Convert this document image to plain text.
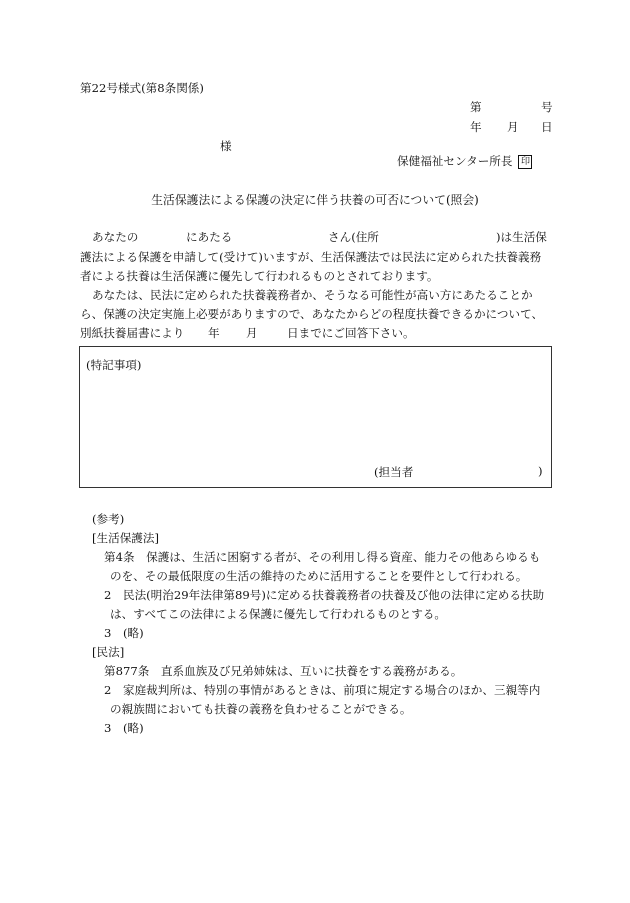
第22号様式(第8条関係)
第	号
年 月 日
様
保健福祉センター所長 印
生活保護法による保護の決定に伴う扶養の可否について(照会)
あなたの	にあたる	さん(住所	)は生活保
護法による保護を申請して(受けて)いますが、生活保護法では民法に定められた扶養義務
者による扶養は生活保護に優先して行われるものとされております。
あなたは、民法に定められた扶養義務者か、そうなる可能性が高い方にあたることか
ら、保護の決定実施上必要がありますので、あなたからどの程度扶養できるかについて、
別紙扶養届書により 年 月	日までにご回答下さい。
(特記事項)
(担当者	)
(参考)
[生活保護法]
第4条　保護は、生活に困窮する者が、その利用し得る資産、能力その他あらゆるも
のを、その最低限度の生活の維持のために活用することを要件として行われる。
2　民法(明治29年法律第89号)に定める扶養義務者の扶養及び他の法律に定める扶助
は、すべてこの法律による保護に優先して行われるものとする。
3　(略)
[民法]
第877条　直系血族及び兄弟姉妹は、互いに扶養をする義務がある。
2　家庭裁判所は、特別の事情があるときは、前項に規定する場合のほか、三親等内
の親族間においても扶養の義務を負わせることができる。
3　(略)
